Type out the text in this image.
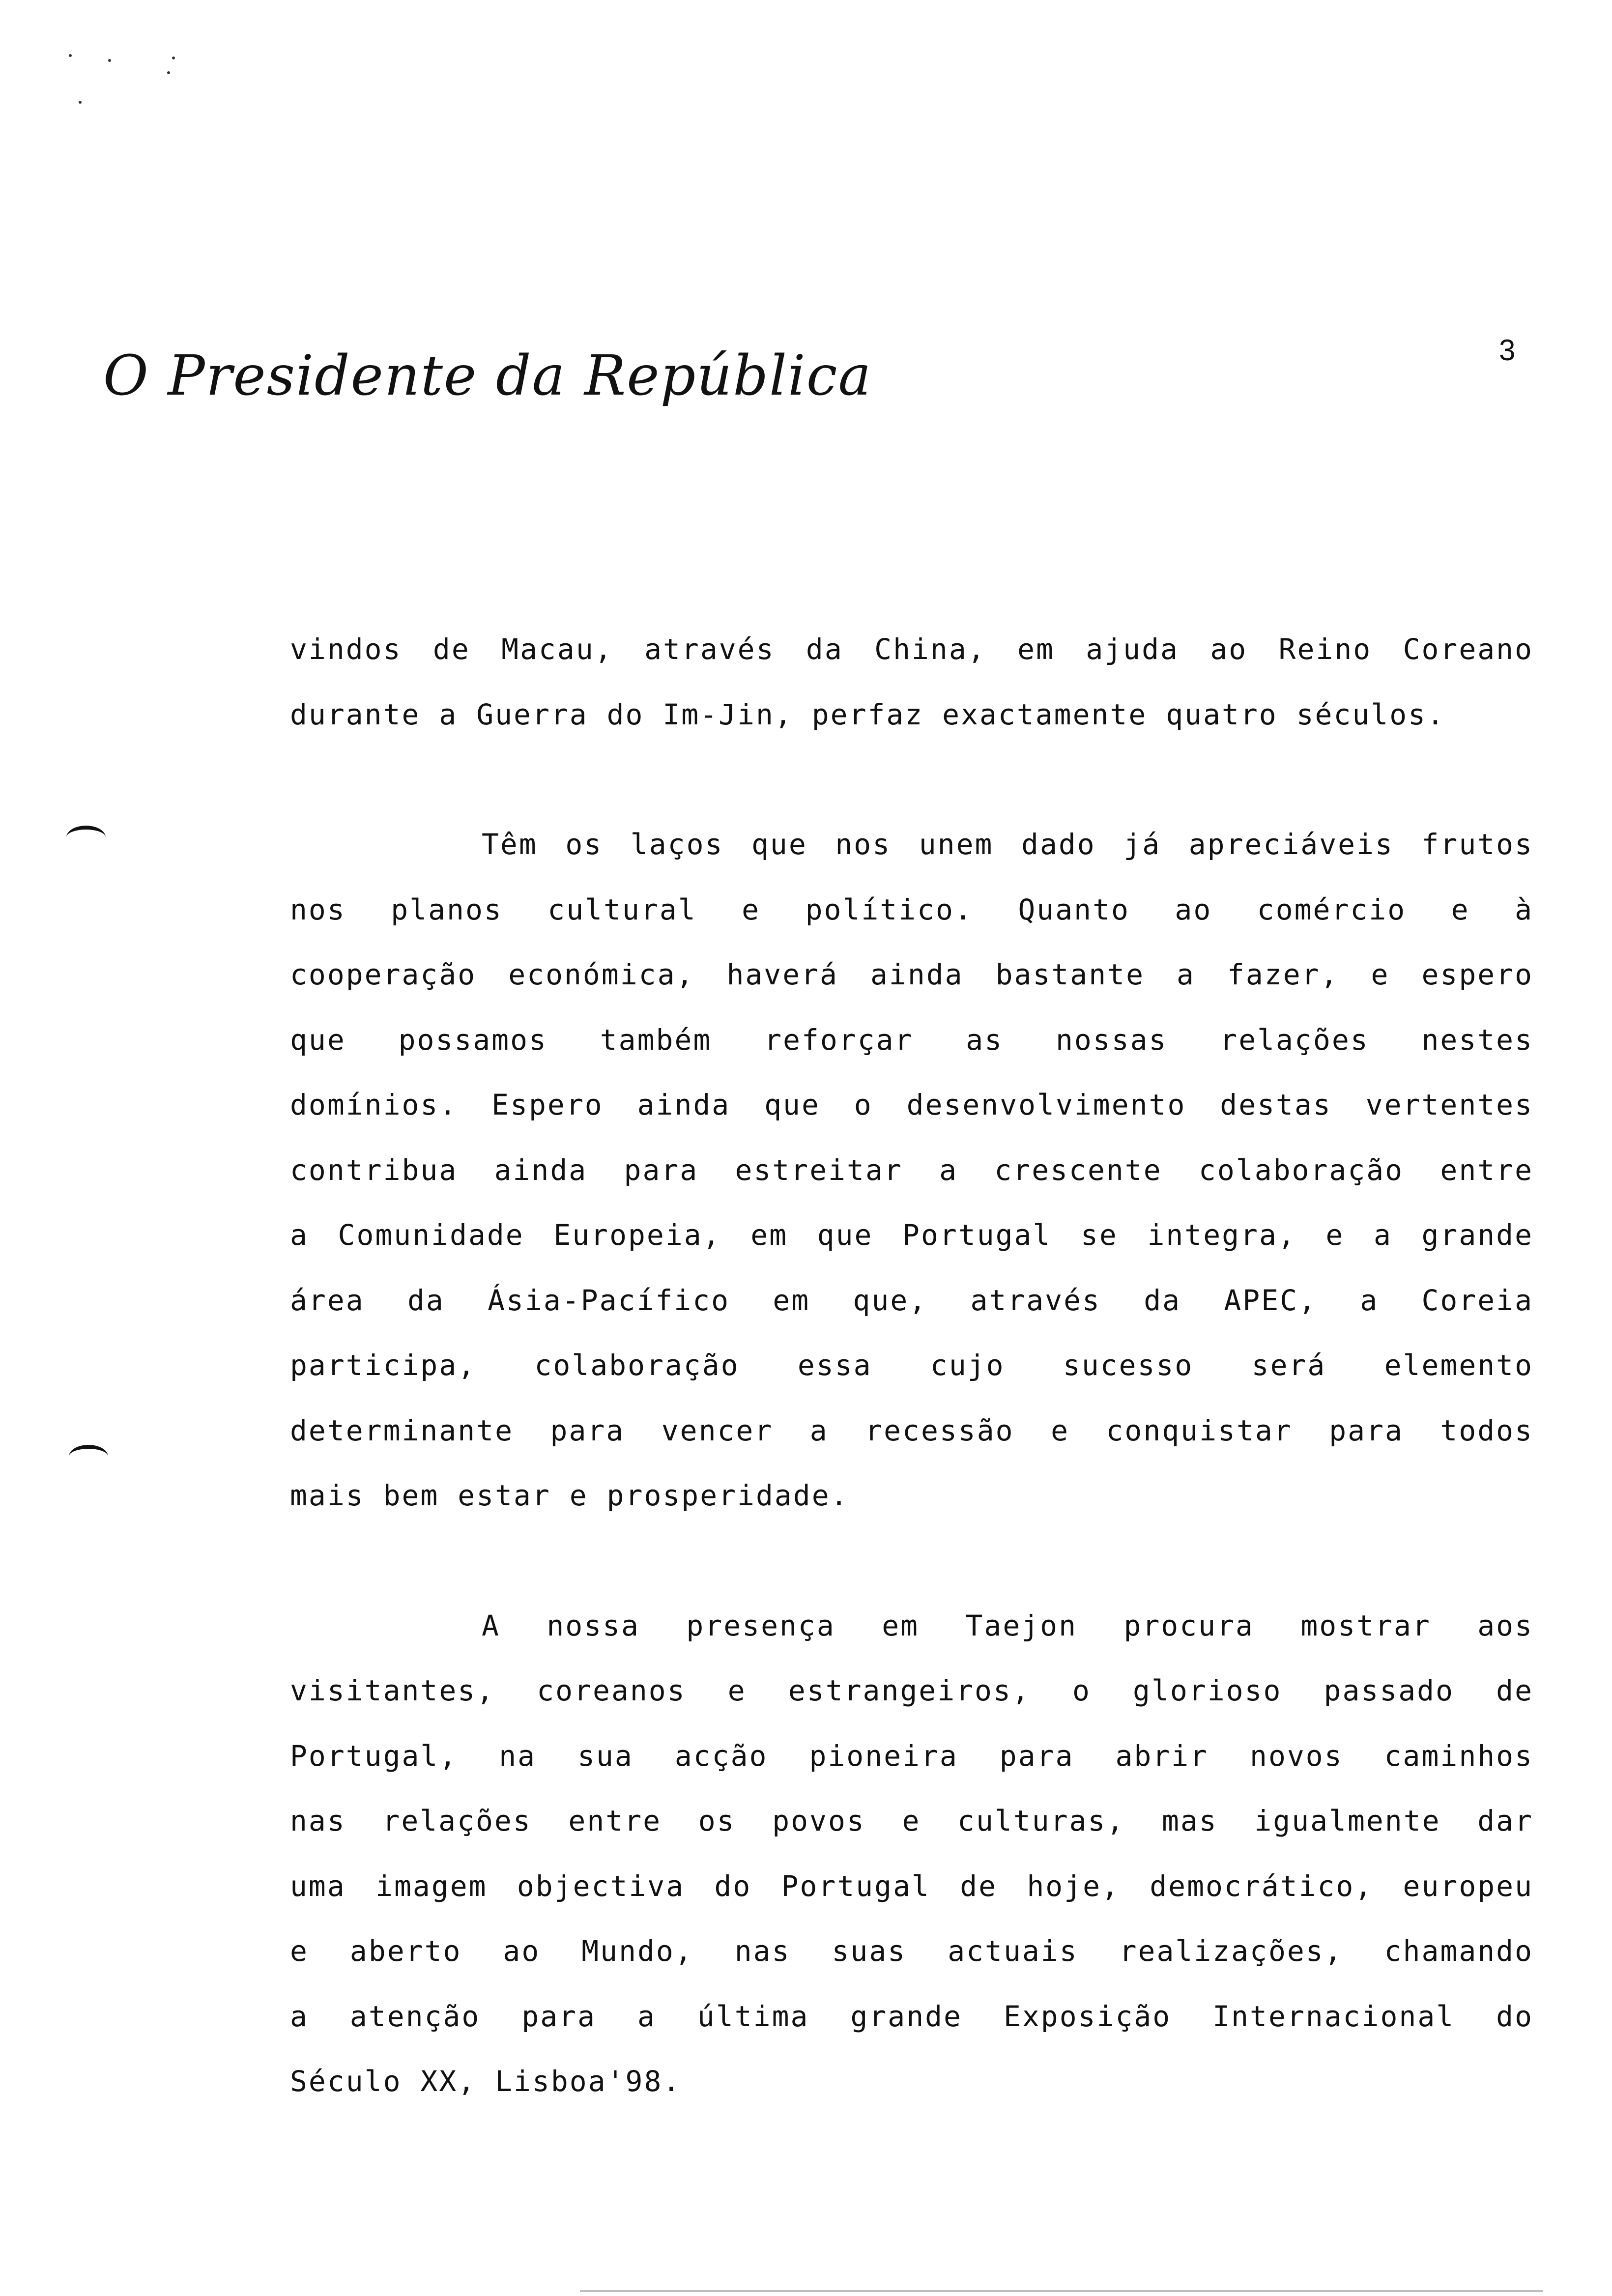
O Presidente da República	3
vindos de Macau, através da China, em ajuda ao Reino Coreano
durante a Guerra do Im-Jin, perfaz exactamente quatro séculos.
Têm os laços que nos unem dado já apreciáveis frutos
nos planos cultural e político. Quanto ao comércio e à
cooperação económica, haverá ainda bastante a fazer, e espero
que possamos também reforçar as nossas relações nestes
domínios. Espero ainda que o desenvolvimento destas vertentes
contribua ainda para estreitar a crescente colaboração entre
a Comunidade Europeia, em que Portugal se integra, e a grande
área da Ásia-Pacífico em que, através da APEC, a Coreia
participa, colaboração essa cujo sucesso será elemento
determinante para vencer a recessão e conquistar para todos
mais bem estar e prosperidade.
A nossa presença em Taejon procura mostrar aos
visitantes, coreanos e estrangeiros, o glorioso passado de
Portugal, na sua acção pioneira para abrir novos caminhos
nas relações entre os povos e culturas, mas igualmente dar
uma imagem objectiva do Portugal de hoje, democrático, europeu
e aberto ao Mundo, nas suas actuais realizações, chamando
a atenção para a última grande Exposição Internacional do
Século XX, Lisboa'98.
